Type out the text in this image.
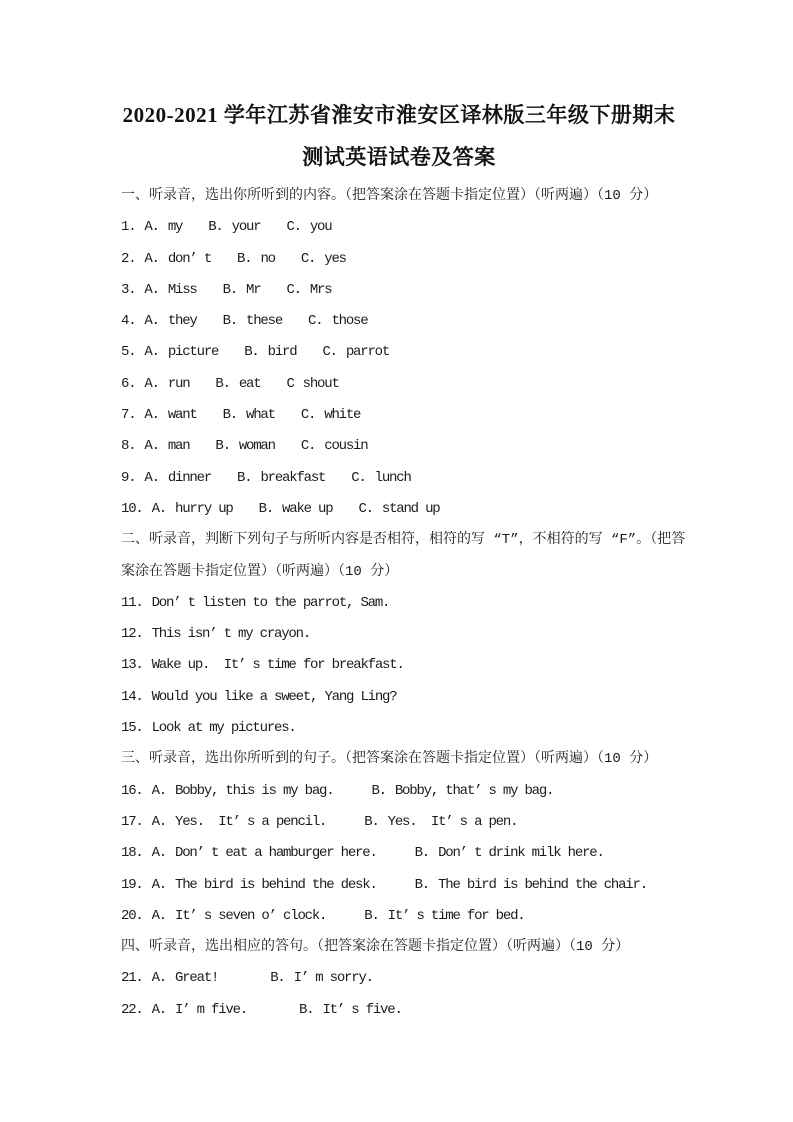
2020-2021 学年江苏省淮安市淮安区译林版三年级下册期末
测试英语试卷及答案
一、听录音，选出你所听到的内容。（把答案涂在答题卡指定位置）（听两遍）（10 分）
1. A. my B. your C. you
2. A. don’ t B. no C. yes
3. A. Miss B. Mr C. Mrs
4. A. they B. these C. those
5. A. picture B. bird C. parrot
6. A. run B. eat C shout
7. A. want B. what C. white
8. A. man B. woman C. cousin
9. A. dinner B. breakfast C. lunch
10. A. hurry up B. wake up C. stand up
二、听录音，判断下列句子与所听内容是否相符，相符的写 “T”，不相符的写 “F”。（把答
案涂在答题卡指定位置）（听两遍）（10 分）
11. Don’ t listen to the parrot, Sam.
12. This isn’ t my crayon.
13. Wake up.  It’ s time for breakfast.
14. Would you like a sweet, Yang Ling?
15. Look at my pictures.
三、听录音，选出你所听到的句子。（把答案涂在答题卡指定位置）（听两遍）（10 分）
16. A. Bobby, this is my bag.	B. Bobby, that’ s my bag.
17. A. Yes.  It’ s a pencil.	B. Yes.  It’ s a pen.
18. A. Don’ t eat a hamburger here.	B. Don’ t drink milk here.
19. A. The bird is behind the desk.	B. The bird is behind the chair.
20. A. It’ s seven o’ clock.	B. It’ s time for bed.
四、听录音，选出相应的答句。（把答案涂在答题卡指定位置）（听两遍）（10 分）
21. A. Great!	B. I’ m sorry.
22. A. I’ m five.	B. It’ s five.
